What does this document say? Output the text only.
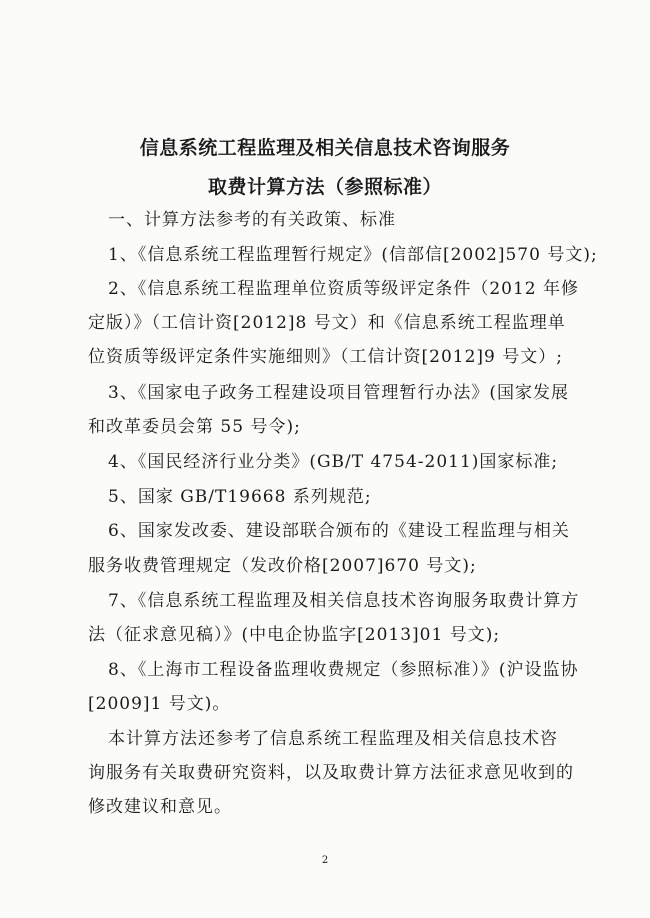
信息系统工程监理及相关信息技术咨询服务
取费计算方法（参照标准）
一、计算方法参考的有关政策、标准
1、《信息系统工程监理暂行规定》(信部信[2002]570 号文);
2、《信息系统工程监理单位资质等级评定条件（2012 年修
定版）》（工信计资[2012]8 号文）和《信息系统工程监理单
位资质等级评定条件实施细则》（工信计资[2012]9 号文）;
3、《国家电子政务工程建设项目管理暂行办法》(国家发展
和改革委员会第 55 号令);
4、《国民经济行业分类》(GB/T 4754-2011)国家标准;
5、国家 GB/T19668 系列规范;
6、国家发改委、建设部联合颁布的《建设工程监理与相关
服务收费管理规定（发改价格[2007]670 号文);
7、《信息系统工程监理及相关信息技术咨询服务取费计算方
法（征求意见稿）》(中电企协监字[2013]01 号文);
8、《上海市工程设备监理收费规定（参照标准）》(沪设监协
[2009]1 号文)。
本计算方法还参考了信息系统工程监理及相关信息技术咨
询服务有关取费研究资料，以及取费计算方法征求意见收到的
修改建议和意见。
2
